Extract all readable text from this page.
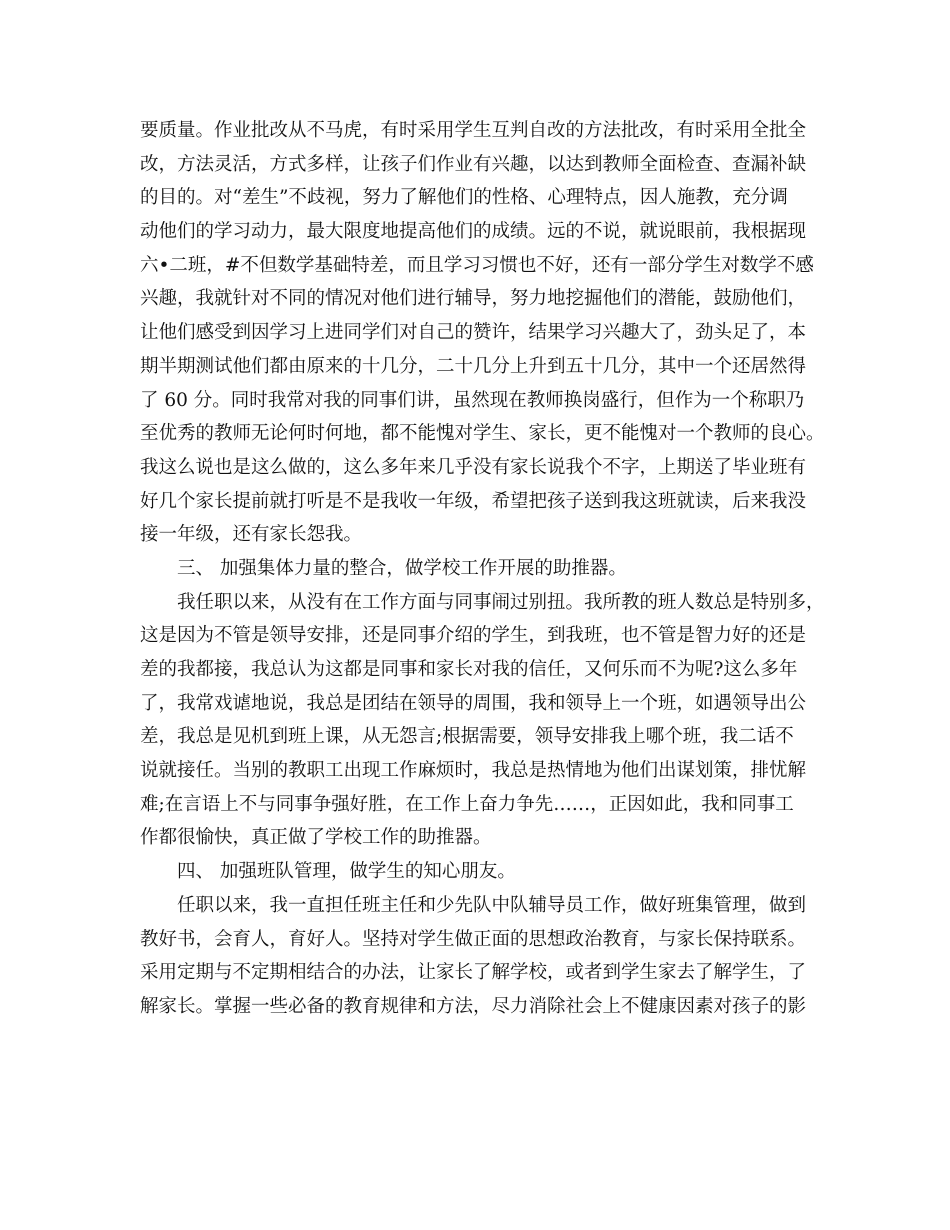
要质量。作业批改从不马虎，有时采用学生互判自改的方法批改，有时采用全批全
改，方法灵活，方式多样，让孩子们作业有兴趣，以达到教师全面检查、查漏补缺
的目的。对“差生”不歧视，努力了解他们的性格、心理特点，因人施教，充分调
动他们的学习动力，最大限度地提高他们的成绩。远的不说，就说眼前，我根据现
六•二班，#不但数学基础特差，而且学习习惯也不好，还有一部分学生对数学不感
兴趣，我就针对不同的情况对他们进行辅导，努力地挖掘他们的潜能，鼓励他们，
让他们感受到因学习上进同学们对自己的赞许，结果学习兴趣大了，劲头足了，本
期半期测试他们都由原来的十几分，二十几分上升到五十几分，其中一个还居然得
了 60 分。同时我常对我的同事们讲，虽然现在教师换岗盛行，但作为一个称职乃
至优秀的教师无论何时何地，都不能愧对学生、家长，更不能愧对一个教师的良心。
我这么说也是这么做的，这么多年来几乎没有家长说我个不字，上期送了毕业班有
好几个家长提前就打听是不是我收一年级，希望把孩子送到我这班就读，后来我没
接一年级，还有家长怨我。
三、 加强集体力量的整合，做学校工作开展的助推器。
我任职以来，从没有在工作方面与同事闹过别扭。我所教的班人数总是特别多，
这是因为不管是领导安排，还是同事介绍的学生，到我班，也不管是智力好的还是
差的我都接，我总认为这都是同事和家长对我的信任，又何乐而不为呢?这么多年
了，我常戏谑地说，我总是团结在领导的周围，我和领导上一个班，如遇领导出公
差，我总是见机到班上课，从无怨言;根据需要，领导安排我上哪个班，我二话不
说就接任。当别的教职工出现工作麻烦时，我总是热情地为他们出谋划策，排忧解
难;在言语上不与同事争强好胜，在工作上奋力争先……，正因如此，我和同事工
作都很愉快，真正做了学校工作的助推器。
四、 加强班队管理，做学生的知心朋友。
任职以来，我一直担任班主任和少先队中队辅导员工作，做好班集管理，做到
教好书，会育人，育好人。坚持对学生做正面的思想政治教育，与家长保持联系。
采用定期与不定期相结合的办法，让家长了解学校，或者到学生家去了解学生，了
解家长。掌握一些必备的教育规律和方法，尽力消除社会上不健康因素对孩子的影
